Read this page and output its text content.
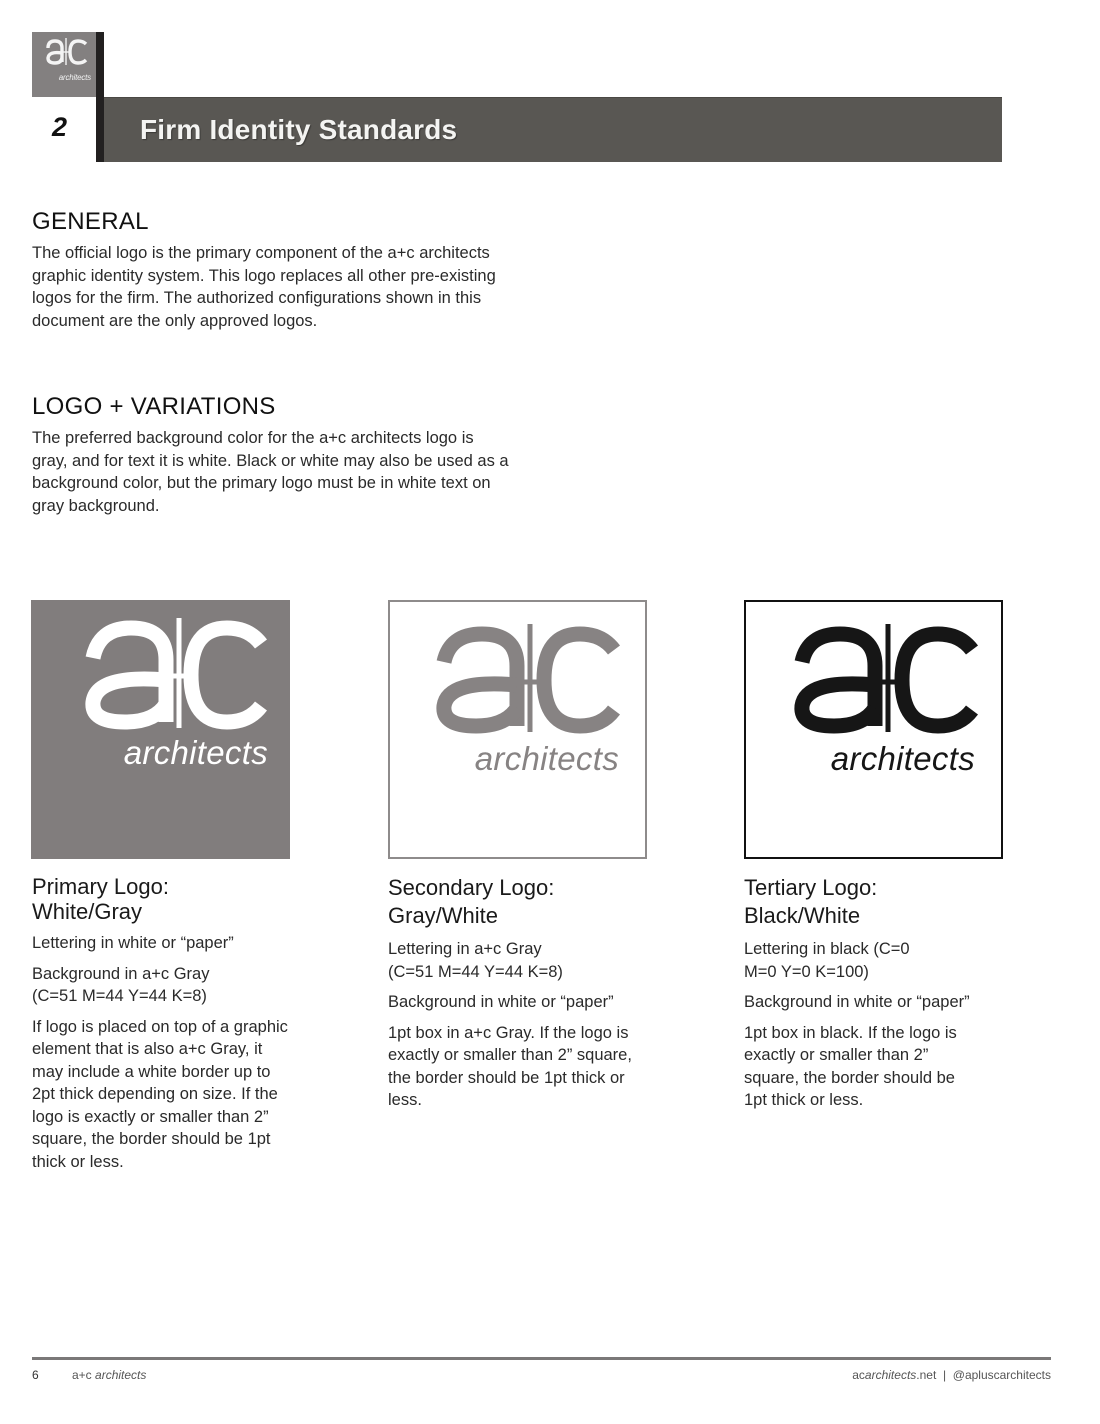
architects
2	Firm Identity Standards
GENERAL

The official logo is the primary component of the a+c architects graphic identity system. This logo replaces all other pre-existing logos for the firm. The authorized configurations shown in this document are the only approved logos.

LOGO + VARIATIONS

The preferred background color for the a+c architects logo is gray, and for text it is white. Black or white may also be used as a background color, but the primary logo must be in white text on gray background.

architects	architects	architects
Primary Logo:
White/Gray

Lettering in white or “paper”

Background in a+c Gray (C=51 M=44 Y=44 K=8)

If logo is placed on top of a graphic element that is also a+c Gray, it may include a white border up to 2pt thick depending on size. If the logo is exactly or smaller than 2” square, the border should be 1pt thick or less.

Secondary Logo:
Gray/White

Lettering in a+c Gray (C=51 M=44 Y=44 K=8)

Background in white or “paper”

1pt box in a+c Gray. If the logo is exactly or smaller than 2” square, the border should be 1pt thick or less.

Tertiary Logo:
Black/White

Lettering in black (C=0 M=0 Y=0 K=100)

Background in white or “paper”

1pt box in black. If the logo is exactly or smaller than 2” square, the border should be 1pt thick or less.

6	a+c architects	acarchitects.net | @apluscarchitects
